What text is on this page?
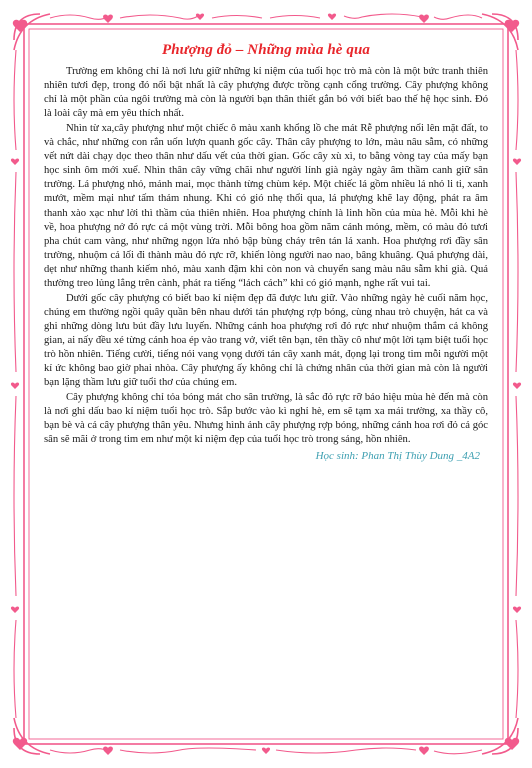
Phượng đỏ – Những mùa hè qua

Trường em không chỉ là nơi lưu giữ những kỉ niệm của tuổi học trò mà còn là một bức tranh thiên nhiên tươi đẹp, trong đó nổi bật nhất là cây phượng được trồng cạnh cổng trường. Cây phượng không chỉ là một phần của ngôi trường mà còn là người bạn thân thiết gắn bó với biết bao thế hệ học sinh. Đó là loài cây mà em yêu thích nhất.

Nhìn từ xa,cây phượng như một chiếc ô màu xanh khổng lồ che mát Rễ phượng nổi lên mặt đất, to và chắc, như những con rắn uốn lượn quanh gốc cây. Thân cây phượng to lớn, màu nâu sẫm, có những vết nứt dài chạy dọc theo thân như dấu vết của thời gian. Gốc cây xù xì, to bằng vòng tay của mấy bạn học sinh ôm mới xuể. Nhìn thân cây vững chãi như người lính già ngày ngày âm thầm canh giữ sân trường. Lá phượng nhỏ, mảnh mai, mọc thành từng chùm kép. Một chiếc lá gồm nhiều lá nhỏ li ti, xanh mướt, mềm mại như tấm thảm nhung. Khi có gió nhẹ thổi qua, lá phượng khẽ lay động, phát ra âm thanh xào xạc như lời thì thầm của thiên nhiên. Hoa phượng chính là linh hồn của mùa hè. Mỗi khi hè về, hoa phượng nở đỏ rực cả một vùng trời. Mỗi bông hoa gồm năm cánh mỏng, mềm, có màu đỏ tươi pha chút cam vàng, như những ngọn lửa nhỏ bập bùng cháy trên tán lá xanh. Hoa phượng rơi đầy sân trường, nhuộm cả lối đi thành màu đỏ rực rỡ, khiến lòng người nao nao, bâng khuâng. Quả phượng dài, dẹt như những thanh kiếm nhỏ, màu xanh đậm khi còn non và chuyển sang màu nâu sẫm khi già. Quả thường treo lủng lẳng trên cành, phát ra tiếng “lách cách” khi có gió mạnh, nghe rất vui tai.

Dưới gốc cây phượng có biết bao kỉ niệm đẹp đã được lưu giữ. Vào những ngày hè cuối năm học, chúng em thường ngồi quây quần bên nhau dưới tán phượng rợp bóng, cùng nhau trò chuyện, hát ca và ghi những dòng lưu bút đầy lưu luyến. Những cánh hoa phượng rơi đỏ rực như nhuộm thắm cả không gian, ai nấy đều xé từng cánh hoa ép vào trang vở, viết tên bạn, tên thầy cô như một lời tạm biệt tuổi học trò hồn nhiên. Tiếng cười, tiếng nói vang vọng dưới tán cây xanh mát, đọng lại trong tim mỗi người một kí ức không bao giờ phai nhòa. Cây phượng ấy không chỉ là chứng nhân của thời gian mà còn là người bạn lặng thầm lưu giữ tuổi thơ của chúng em.

Cây phượng không chỉ tỏa bóng mát cho sân trường, là sắc đỏ rực rỡ báo hiệu mùa hè đến mà còn là nơi ghi dấu bao kỉ niệm tuổi học trò. Sắp bước vào kì nghỉ hè, em sẽ tạm xa mái trường, xa thầy cô, bạn bè và cả cây phượng thân yêu. Nhưng hình ảnh cây phượng rợp bóng, những cánh hoa rơi đỏ cả góc sân sẽ mãi ở trong tim em như một kỉ niệm đẹp của tuổi học trò trong sáng, hồn nhiên.

Học sinh: Phan Thị Thùy Dung _4A2
